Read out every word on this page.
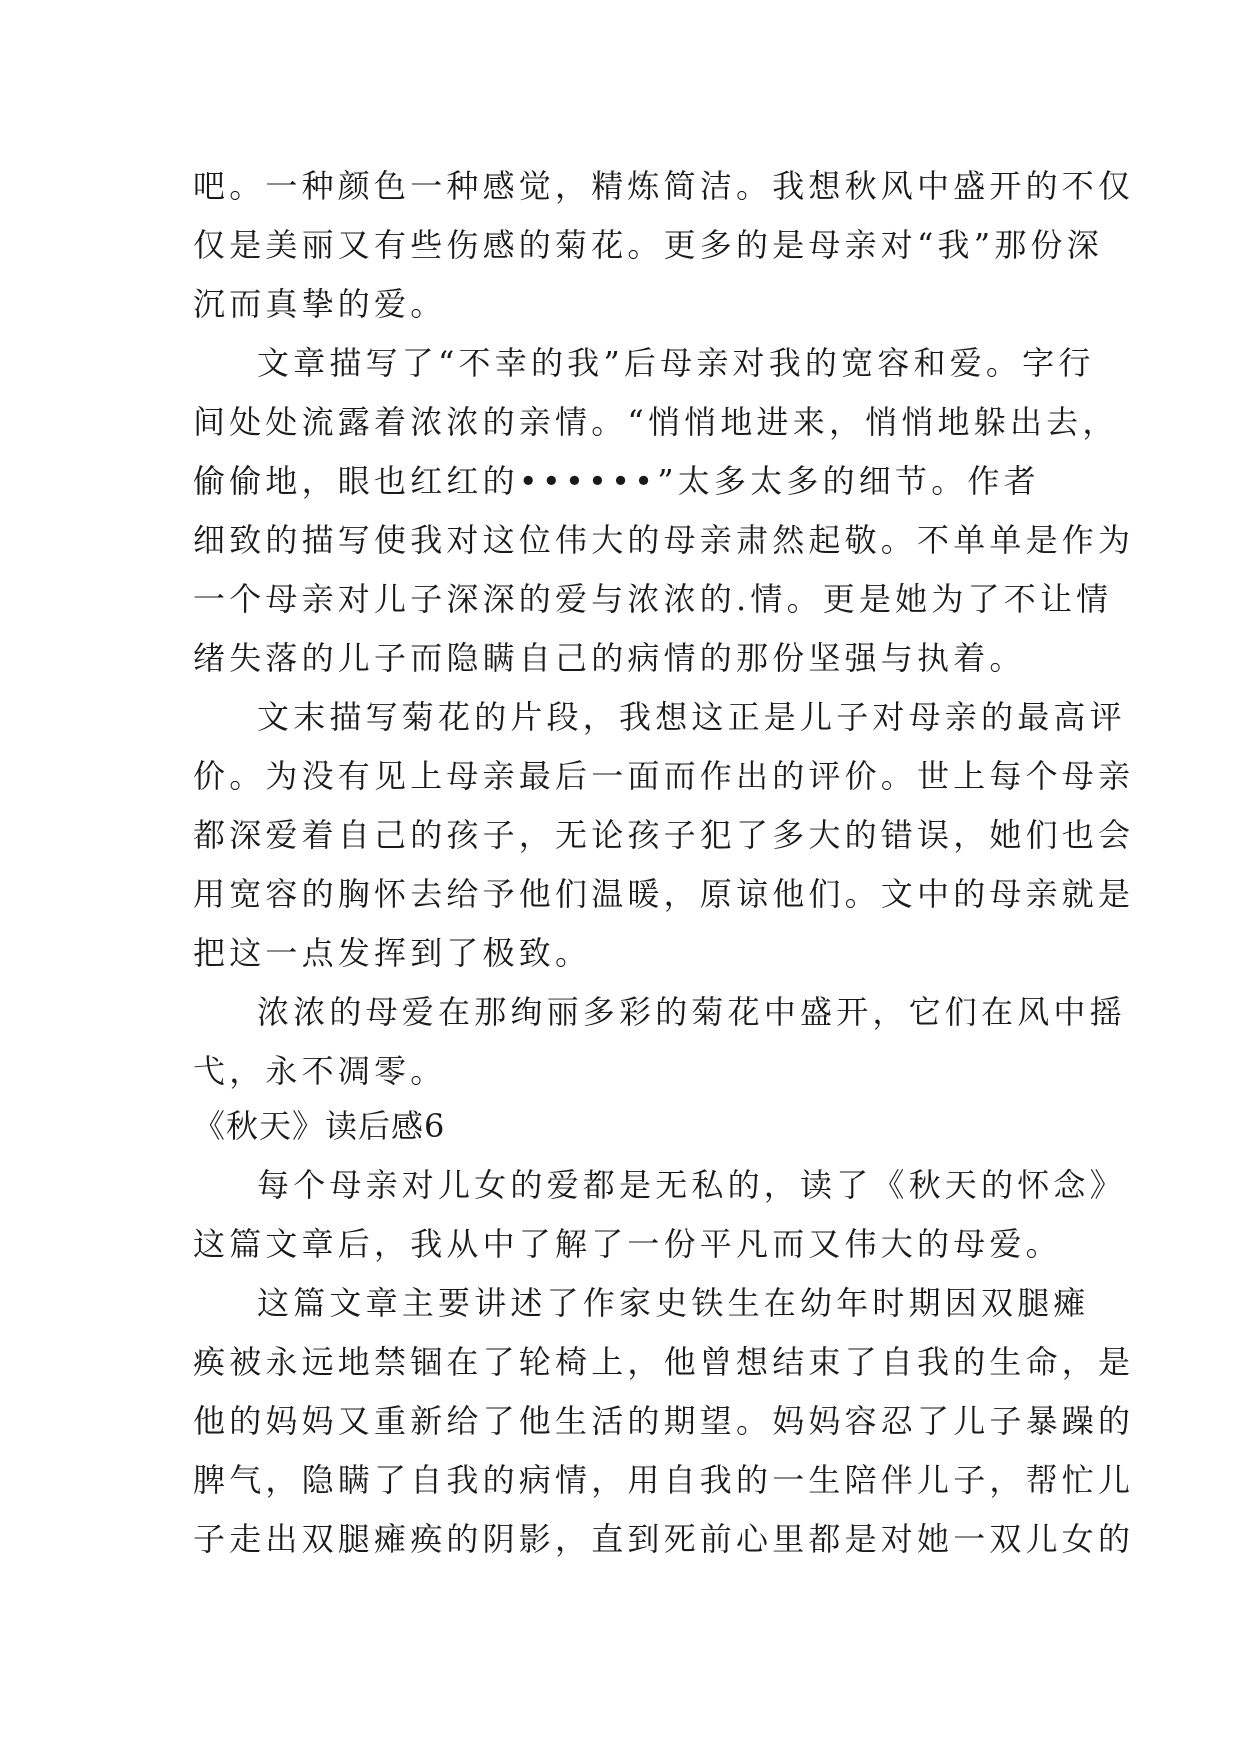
吧。一种颜色一种感觉，精炼简洁。我想秋风中盛开的不仅
仅是美丽又有些伤感的菊花。更多的是母亲对“我”那份深
沉而真挚的爱。
文章描写了“不幸的我”后母亲对我的宽容和爱。字行
间处处流露着浓浓的亲情。“悄悄地进来，悄悄地躲出去，
偷偷地，眼也红红的••••••”太多太多的细节。作者
细致的描写使我对这位伟大的母亲肃然起敬。不单单是作为
一个母亲对儿子深深的爱与浓浓的.情。更是她为了不让情
绪失落的儿子而隐瞒自己的病情的那份坚强与执着。
文末描写菊花的片段，我想这正是儿子对母亲的最高评
价。为没有见上母亲最后一面而作出的评价。世上每个母亲
都深爱着自己的孩子，无论孩子犯了多大的错误，她们也会
用宽容的胸怀去给予他们温暖，原谅他们。文中的母亲就是
把这一点发挥到了极致。
浓浓的母爱在那绚丽多彩的菊花中盛开，它们在风中摇
弋，永不凋零。
《秋天》读后感6
每个母亲对儿女的爱都是无私的，读了《秋天的怀念》
这篇文章后，我从中了解了一份平凡而又伟大的母爱。
这篇文章主要讲述了作家史铁生在幼年时期因双腿瘫
痪被永远地禁锢在了轮椅上，他曾想结束了自我的生命，是
他的妈妈又重新给了他生活的期望。妈妈容忍了儿子暴躁的
脾气，隐瞒了自我的病情，用自我的一生陪伴儿子，帮忙儿
子走出双腿瘫痪的阴影，直到死前心里都是对她一双儿女的
